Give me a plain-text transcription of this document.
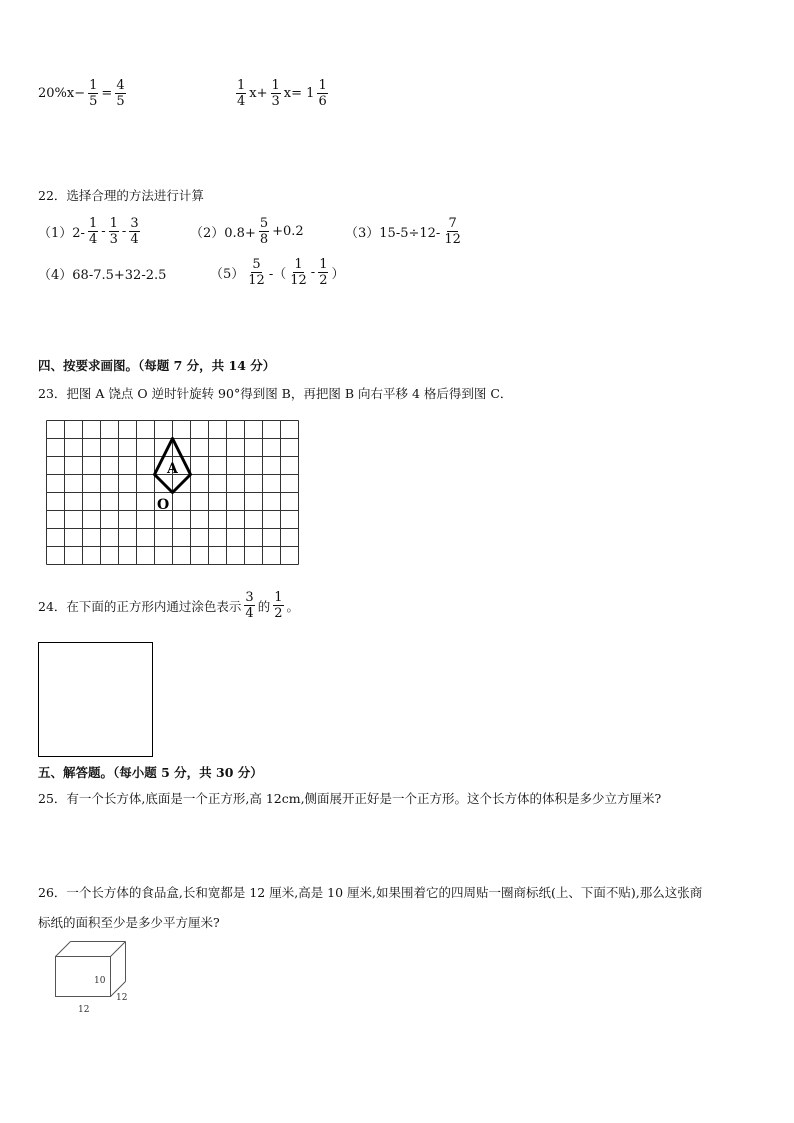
$20\%x- \frac{1}{5} = \frac{4}{5}$	$\frac{1}{4} x+ \frac{1}{3} x= 1 \frac{1}{6}$
22．选择合理的方法进行计算
$(1)2- \frac{1}{4} - \frac{1}{3} - \frac{3}{4}$	$(2)0.8+ \frac{5}{8} +0.2$	$(3)15-5\div 12- \frac{7}{12}$
（4）68-7.5+32-2.5	$(5) \frac{5}{12}$ -（ $\frac{1}{12} - \frac{1}{2}$ ）
四、按要求画图。（每题 7 分，共 14 分）
23．把图 A 饶点 O 逆时针旋转 90°得到图 B，再把图 B 向右平移 4 格后得到图 C．
A
O
24．在下面的正方形内通过涂色表示 $\frac{3}{4}$ 的 $\frac{1}{2}$ 。
五、解答题。（每小题 5 分，共 30 分）
25．有一个长方体,底面是一个正方形,高 12cm,侧面展开正好是一个正方形。这个长方体的体积是多少立方厘米?
26．一个长方体的食品盒,长和宽都是 12 厘米,高是 10 厘米,如果围着它的四周贴一圈商标纸(上、下面不贴),那么这张商
标纸的面积至少是多少平方厘米?
10
12
12
